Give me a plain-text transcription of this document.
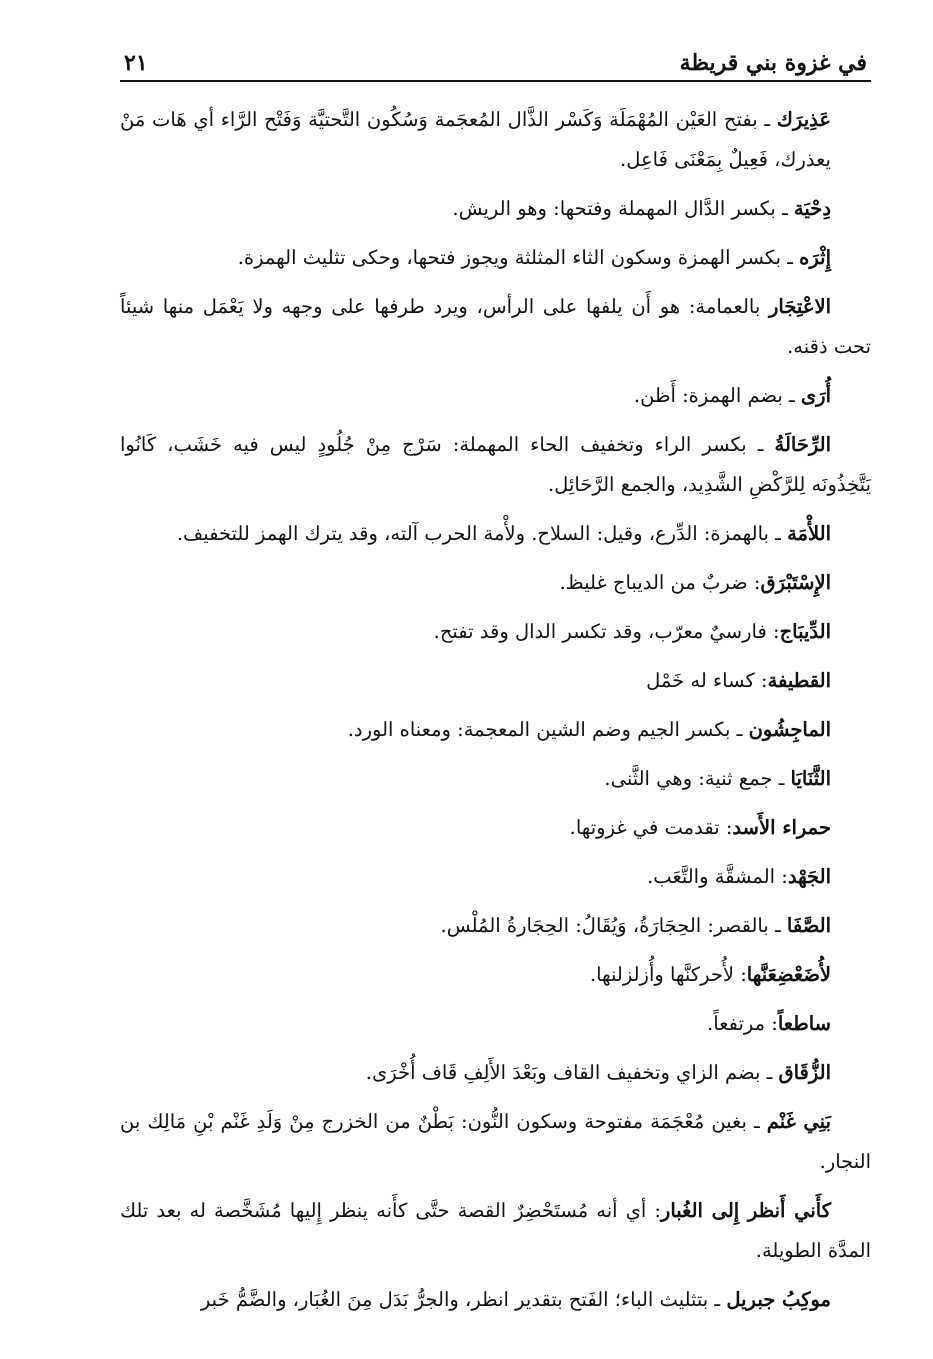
في غزوة بني قريظة
٢١

عَذِيرَك ـ بفتح العَيْن المُهْمَلَة وَكَسْر الذَّال المُعجَمة وَسُكُون التَّحتيَّة وَفَتْح الرَّاء أي هَات مَنْ يعذرك، فَعِيلٌ بِمَعْنَى فَاعِل.

دِحْيَة ـ بكسر الدَّال المهملة وفتحها: وهو الريش.

إِثْرَه ـ بكسر الهمزة وسكون الثاء المثلثة ويجوز فتحها، وحكى تثليث الهمزة.

الاعْتِجَار بالعمامة: هو أَن يلفها على الرأس، ويرد طرفها على وجهه ولا يَعْمَل منها شيئاً تحت ذقنه.

أُرَى ـ بضم الهمزة: أَظن.

الرِّحَالَةُ ـ بكسر الراء وتخفيف الحاء المهملة: سَرْج مِنْ جُلُودٍ ليس فيه خَشَب، كَانُوا يَتَّخِذُونَه لِلرَّكْضِ الشَّدِيد، والجمع الرَّحَائِل.

اللأْمَة ـ بالهمزة: الدِّرع، وقيل: السلاح. ولأْمة الحرب آلته، وقد يترك الهمز للتخفيف.

الإِسْتَبْرَق: ضربٌ من الديباج غليظ.

الدِّيبَاج: فارسيٌ معرّب، وقد تكسر الدال وقد تفتح.

القطيفة: كساء له خَمْل

الماجِشُون ـ بكسر الجيم وضم الشين المعجمة: ومعناه الورد.

الثَّنَايَا ـ جمع ثنية: وهي الثَّنى.

حمراء الأَسد: تقدمت في غزوتها.

الجَهْد: المشقَّة والتَّعَب.

الصَّفَا ـ بالقصر: الحِجَارَةُ، وَيُقَالُ: الحِجَارةُ المُلْس.

لأُضَعْضِعَنَّها: لأُحركنَّها وأُزلزلنها.

ساطعاً: مرتفعاً.

الزُّقَاق ـ بضم الزاي وتخفيف القاف وبَعْدَ الأَلِفِ قَاف أُخْرَى.

بَنِي غَنْم ـ بغين مُعْجَمَة مفتوحة وسكون النُّون: بَطْنٌ من الخزرج مِنْ وَلَدِ غَنْم بْنِ مَالِك بن النجار.

كأَني أَنظر إِلى الغُبار: أي أنه مُستَحْضِرٌ القصة حتَّى كأَنه ينظر إِليها مُشَخَّصة له بعد تلك المدَّة الطويلة.

موكِبُ جبريل ـ بتثليث الباء؛ الفَتح بتقدير انظر، والجرُّ بَدَل مِنَ الغُبَار، والضَّمُّ خَبر
